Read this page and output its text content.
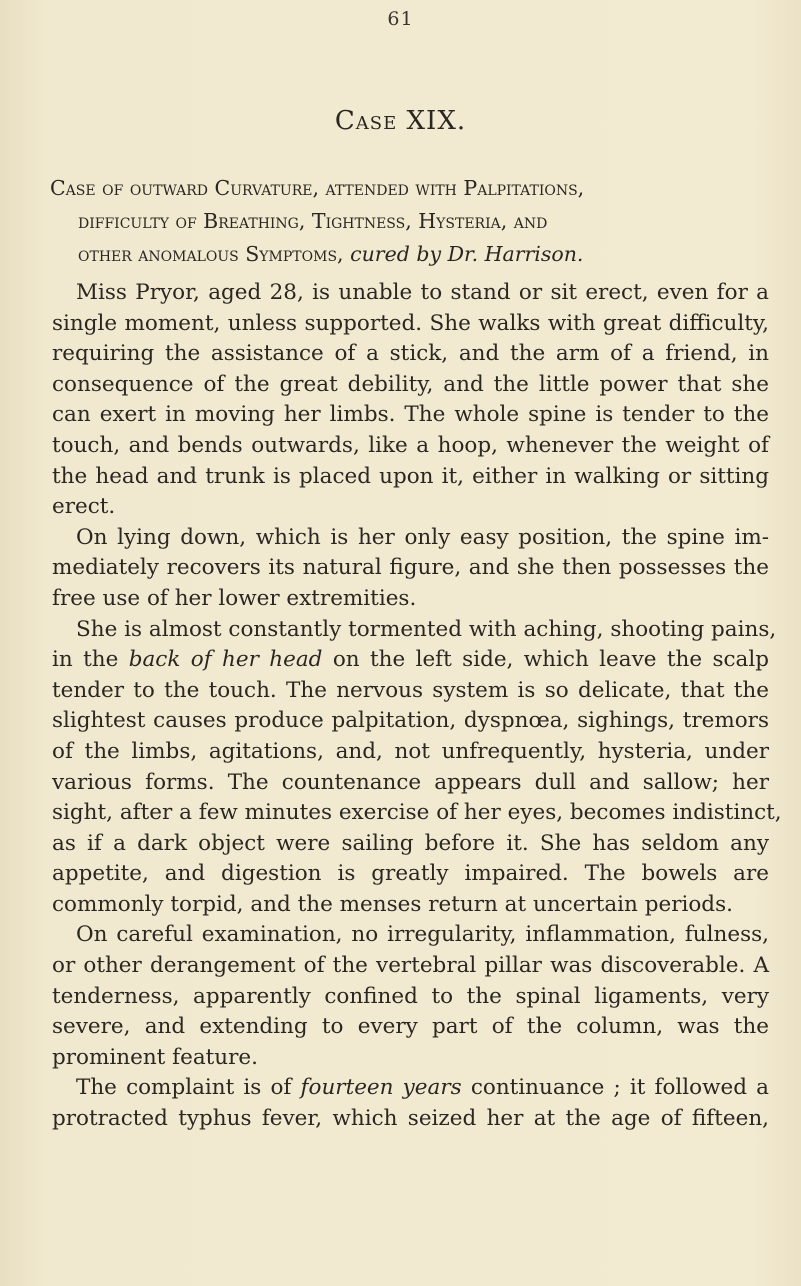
61
Case XIX.
Case of outward Curvature, attended with Palpitations,
difficulty of Breathing, Tightness, Hysteria, and
other anomalous Symptoms, cured by Dr. Harrison.
Miss Pryor, aged 28, is unable to stand or sit erect, even for a
single moment, unless supported. She walks with great difficulty,
requiring the assistance of a stick, and the arm of a friend, in
consequence of the great debility, and the little power that she
can exert in moving her limbs. The whole spine is tender to the
touch, and bends outwards, like a hoop, whenever the weight of
the head and trunk is placed upon it, either in walking or sitting
erect.
On lying down, which is her only easy position, the spine im-
mediately recovers its natural figure, and she then possesses the
free use of her lower extremities.
She is almost constantly tormented with aching, shooting pains,
in the back of her head on the left side, which leave the scalp
tender to the touch. The nervous system is so delicate, that the
slightest causes produce palpitation, dyspnœa, sighings, tremors
of the limbs, agitations, and, not unfrequently, hysteria, under
various forms. The countenance appears dull and sallow; her
sight, after a few minutes exercise of her eyes, becomes indistinct,
as if a dark object were sailing before it. She has seldom any
appetite, and digestion is greatly impaired. The bowels are
commonly torpid, and the menses return at uncertain periods.
On careful examination, no irregularity, inflammation, fulness,
or other derangement of the vertebral pillar was discoverable. A
tenderness, apparently confined to the spinal ligaments, very
severe, and extending to every part of the column, was the
prominent feature.
The complaint is of fourteen years continuance ; it followed a
protracted typhus fever, which seized her at the age of fifteen,
